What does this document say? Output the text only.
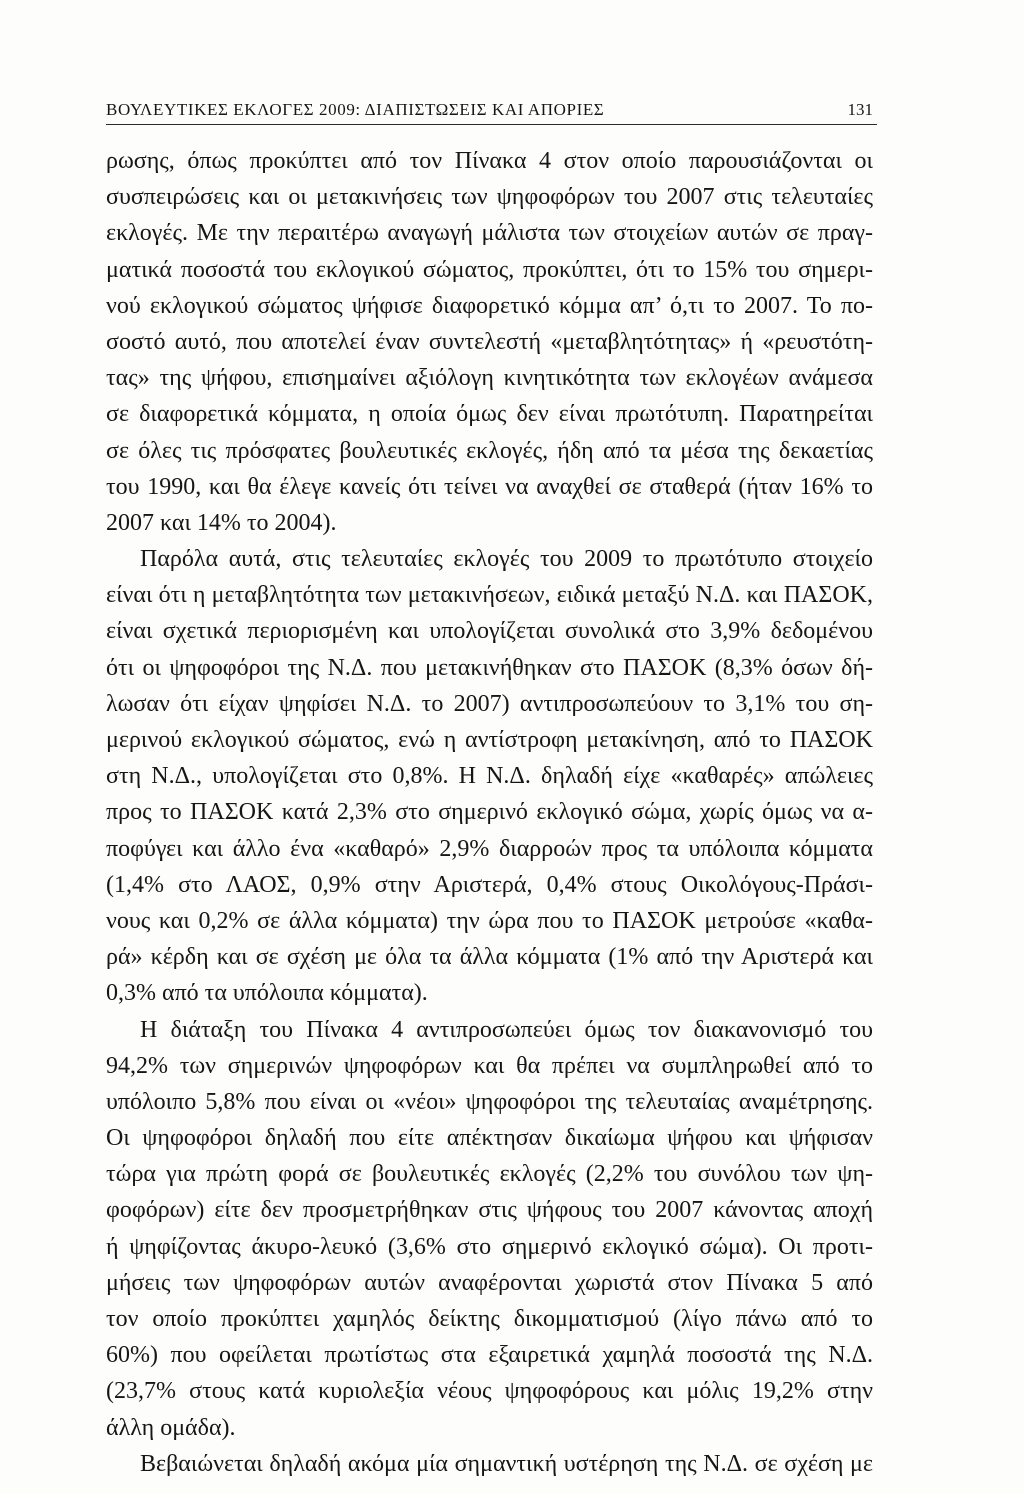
ΒΟΥΛΕΥΤΙΚΕΣ ΕΚΛΟΓΕΣ 2009: ΔΙΑΠΙΣΤΩΣΕΙΣ ΚΑΙ ΑΠΟΡΙΕΣ	131
ρωσης, όπως προκύπτει από τον Πίνακα 4 στον οποίο παρουσιάζονται οι
συσπειρώσεις και οι μετακινήσεις των ψηφοφόρων του 2007 στις τελευταίες
εκλογές. Με την περαιτέρω αναγωγή μάλιστα των στοιχείων αυτών σε πραγ-
ματικά ποσοστά του εκλογικού σώματος, προκύπτει, ότι το 15% του σημερι-
νού εκλογικού σώματος ψήφισε διαφορετικό κόμμα απ’ ό,τι το 2007. Το πο-
σοστό αυτό, που αποτελεί έναν συντελεστή «μεταβλητότητας» ή «ρευστότη-
τας» της ψήφου, επισημαίνει αξιόλογη κινητικότητα των εκλογέων ανάμεσα
σε διαφορετικά κόμματα, η οποία όμως δεν είναι πρωτότυπη. Παρατηρείται
σε όλες τις πρόσφατες βουλευτικές εκλογές, ήδη από τα μέσα της δεκαετίας
του 1990, και θα έλεγε κανείς ότι τείνει να αναχθεί σε σταθερά (ήταν 16% το
2007 και 14% το 2004).
Παρόλα αυτά, στις τελευταίες εκλογές του 2009 το πρωτότυπο στοιχείο
είναι ότι η μεταβλητότητα των μετακινήσεων, ειδικά μεταξύ Ν.Δ. και ΠΑΣΟΚ,
είναι σχετικά περιορισμένη και υπολογίζεται συνολικά στο 3,9% δεδομένου
ότι οι ψηφοφόροι της Ν.Δ. που μετακινήθηκαν στο ΠΑΣΟΚ (8,3% όσων δή-
λωσαν ότι είχαν ψηφίσει Ν.Δ. το 2007) αντιπροσωπεύουν το 3,1% του ση-
μερινού εκλογικού σώματος, ενώ η αντίστροφη μετακίνηση, από το ΠΑΣΟΚ
στη Ν.Δ., υπολογίζεται στο 0,8%. Η Ν.Δ. δηλαδή είχε «καθαρές» απώλειες
προς το ΠΑΣΟΚ κατά 2,3% στο σημερινό εκλογικό σώμα, χωρίς όμως να α-
ποφύγει και άλλο ένα «καθαρό» 2,9% διαρροών προς τα υπόλοιπα κόμματα
(1,4% στο ΛΑΟΣ, 0,9% στην Αριστερά, 0,4% στους Οικολόγους-Πράσι-
νους και 0,2% σε άλλα κόμματα) την ώρα που το ΠΑΣΟΚ μετρούσε «καθα-
ρά» κέρδη και σε σχέση με όλα τα άλλα κόμματα (1% από την Αριστερά και
0,3% από τα υπόλοιπα κόμματα).
Η διάταξη του Πίνακα 4 αντιπροσωπεύει όμως τον διακανονισμό του
94,2% των σημερινών ψηφοφόρων και θα πρέπει να συμπληρωθεί από το
υπόλοιπο 5,8% που είναι οι «νέοι» ψηφοφόροι της τελευταίας αναμέτρησης.
Οι ψηφοφόροι δηλαδή που είτε απέκτησαν δικαίωμα ψήφου και ψήφισαν
τώρα για πρώτη φορά σε βουλευτικές εκλογές (2,2% του συνόλου των ψη-
φοφόρων) είτε δεν προσμετρήθηκαν στις ψήφους του 2007 κάνοντας αποχή
ή ψηφίζοντας άκυρο-λευκό (3,6% στο σημερινό εκλογικό σώμα). Οι προτι-
μήσεις των ψηφοφόρων αυτών αναφέρονται χωριστά στον Πίνακα 5 από
τον οποίο προκύπτει χαμηλός δείκτης δικομματισμού (λίγο πάνω από το
60%) που οφείλεται πρωτίστως στα εξαιρετικά χαμηλά ποσοστά της Ν.Δ.
(23,7% στους κατά κυριολεξία νέους ψηφοφόρους και μόλις 19,2% στην
άλλη ομάδα).
Βεβαιώνεται δηλαδή ακόμα μία σημαντική υστέρηση της Ν.Δ. σε σχέση με
